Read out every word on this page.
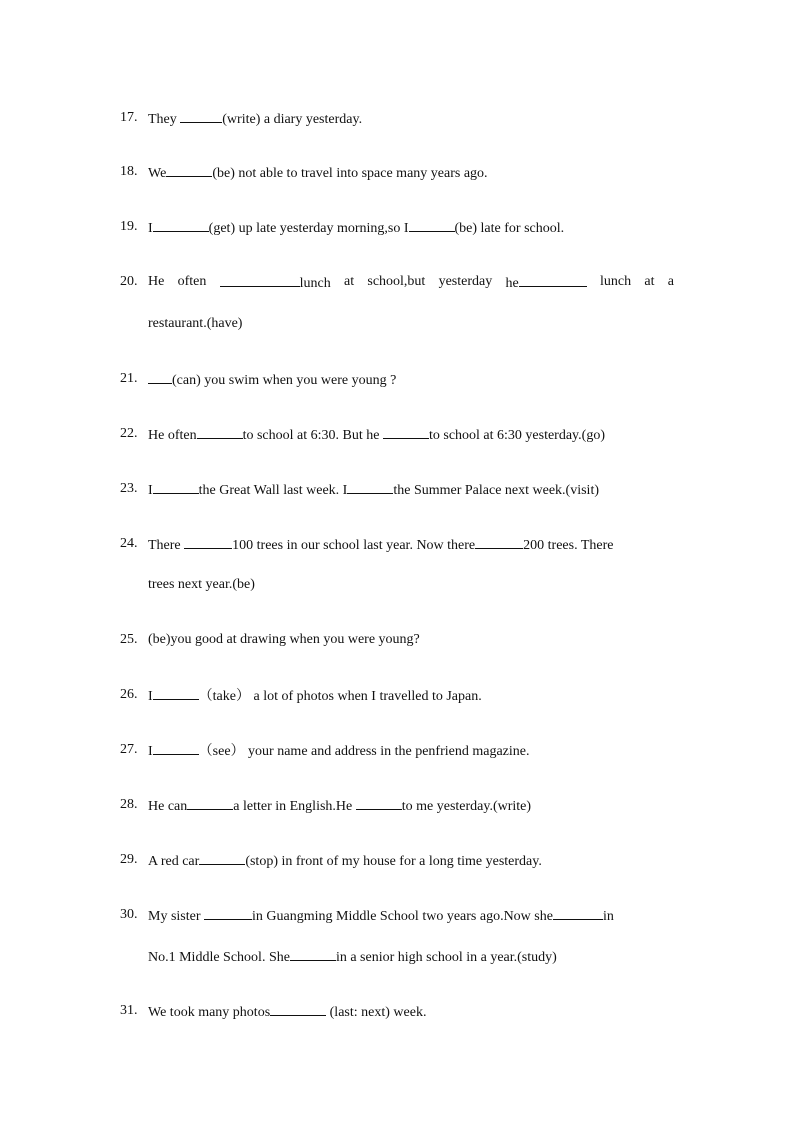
17. They	(write) a diary yesterday.
18. We	(be) not able to travel into space many years ago.
19. I	(get) up late yesterday morning,so I	(be) late for school.
20. He often	lunch at school,but yesterday he	lunch at a
restaurant.(have)
21.	(can) you swim when you were young ?
22. He often	to school at 6:30. But he	to school at 6:30 yesterday.(go)
23. I	the Great Wall last week. I	the Summer Palace next week.(visit)
24. There	100 trees in our school last year. Now there	200 trees. There
trees next year.(be)
25. (be)you good at drawing when you were young?
26. I	（take） a lot of photos when I travelled to Japan.
27. I	（see） your name and address in the penfriend magazine.
28. He can	a letter in English.He	to me yesterday.(write)
29. A red car	(stop) in front of my house for a long time yesterday.
30. My sister	in Guangming Middle School two years ago.Now she	in
No.1 Middle School. She	in a senior high school in a year.(study)
31. We took many photos	(last: next) week.
